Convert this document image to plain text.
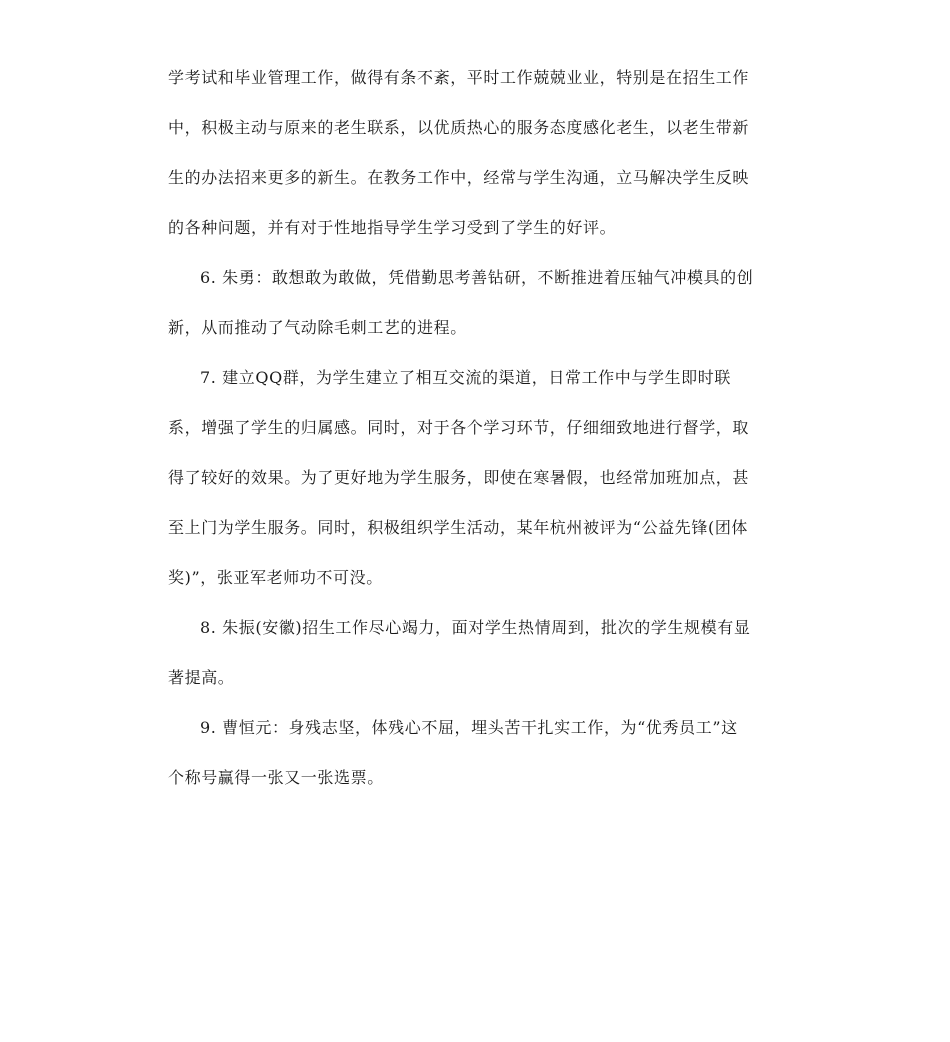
学考试和毕业管理工作，做得有条不紊，平时工作兢兢业业，特别是在招生工作
中，积极主动与原来的老生联系，以优质热心的服务态度感化老生，以老生带新
生的办法招来更多的新生。在教务工作中，经常与学生沟通，立马解决学生反映
的各种问题，并有对于性地指导学生学习受到了学生的好评。
6. 朱勇：敢想敢为敢做，凭借勤思考善钻研，不断推进着压轴气冲模具的创
新，从而推动了气动除毛刺工艺的进程。
7. 建立QQ群，为学生建立了相互交流的渠道，日常工作中与学生即时联
系，增强了学生的归属感。同时，对于各个学习环节，仔细细致地进行督学，取
得了较好的效果。为了更好地为学生服务，即使在寒暑假，也经常加班加点，甚
至上门为学生服务。同时，积极组织学生活动，某年杭州被评为“公益先锋(团体
奖)”，张亚军老师功不可没。
8. 朱振(安徽)招生工作尽心竭力，面对学生热情周到，批次的学生规模有显
著提高。
9. 曹恒元：身残志坚，体残心不屈，埋头苦干扎实工作，为“优秀员工”这
个称号赢得一张又一张选票。
